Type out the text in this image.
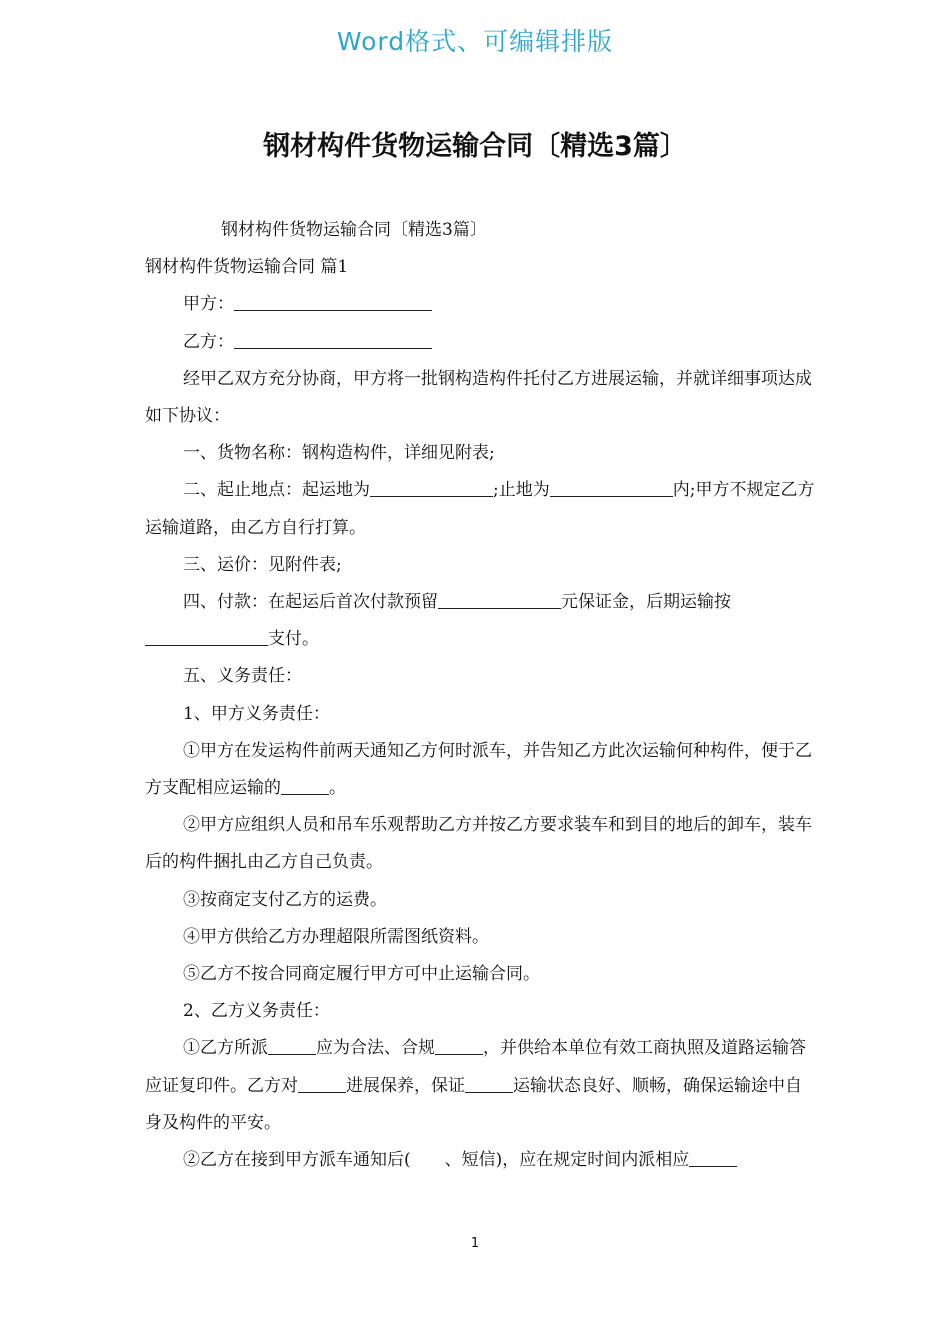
Word格式、可编辑排版
钢材构件货物运输合同〔精选3篇〕

钢材构件货物运输合同〔精选3篇〕

钢材构件货物运输合同 篇1

甲方：

乙方：

经甲乙双方充分协商，甲方将一批钢构造构件托付乙方进展运输，并就详细事项达成如下协议：

一、货物名称：钢构造构件，详细见附表;

二、起止地点：起运地为	;止地为	内;甲方不规定乙方运输道路，由乙方自行打算。

三、运价：见附件表;

四、付款：在起运后首次付款预留	元保证金，后期运输按支付。

五、义务责任：

1、甲方义务责任：

①甲方在发运构件前两天通知乙方何时派车，并告知乙方此次运输何种构件，便于乙方支配相应运输的	。

②甲方应组织人员和吊车乐观帮助乙方并按乙方要求装车和到目的地后的卸车，装车后的构件捆扎由乙方自己负责。

③按商定支付乙方的运费。

④甲方供给乙方办理超限所需图纸资料。

⑤乙方不按合同商定履行甲方可中止运输合同。

2、乙方义务责任：

①乙方所派	应为合法、合规	，并供给本单位有效工商执照及道路运输答应证复印件。乙方对	进展保养，保证	运输状态良好、顺畅，确保运输途中自身及构件的平安。

②乙方在接到甲方派车通知后(　　、短信)，应在规定时间内派相应

1
